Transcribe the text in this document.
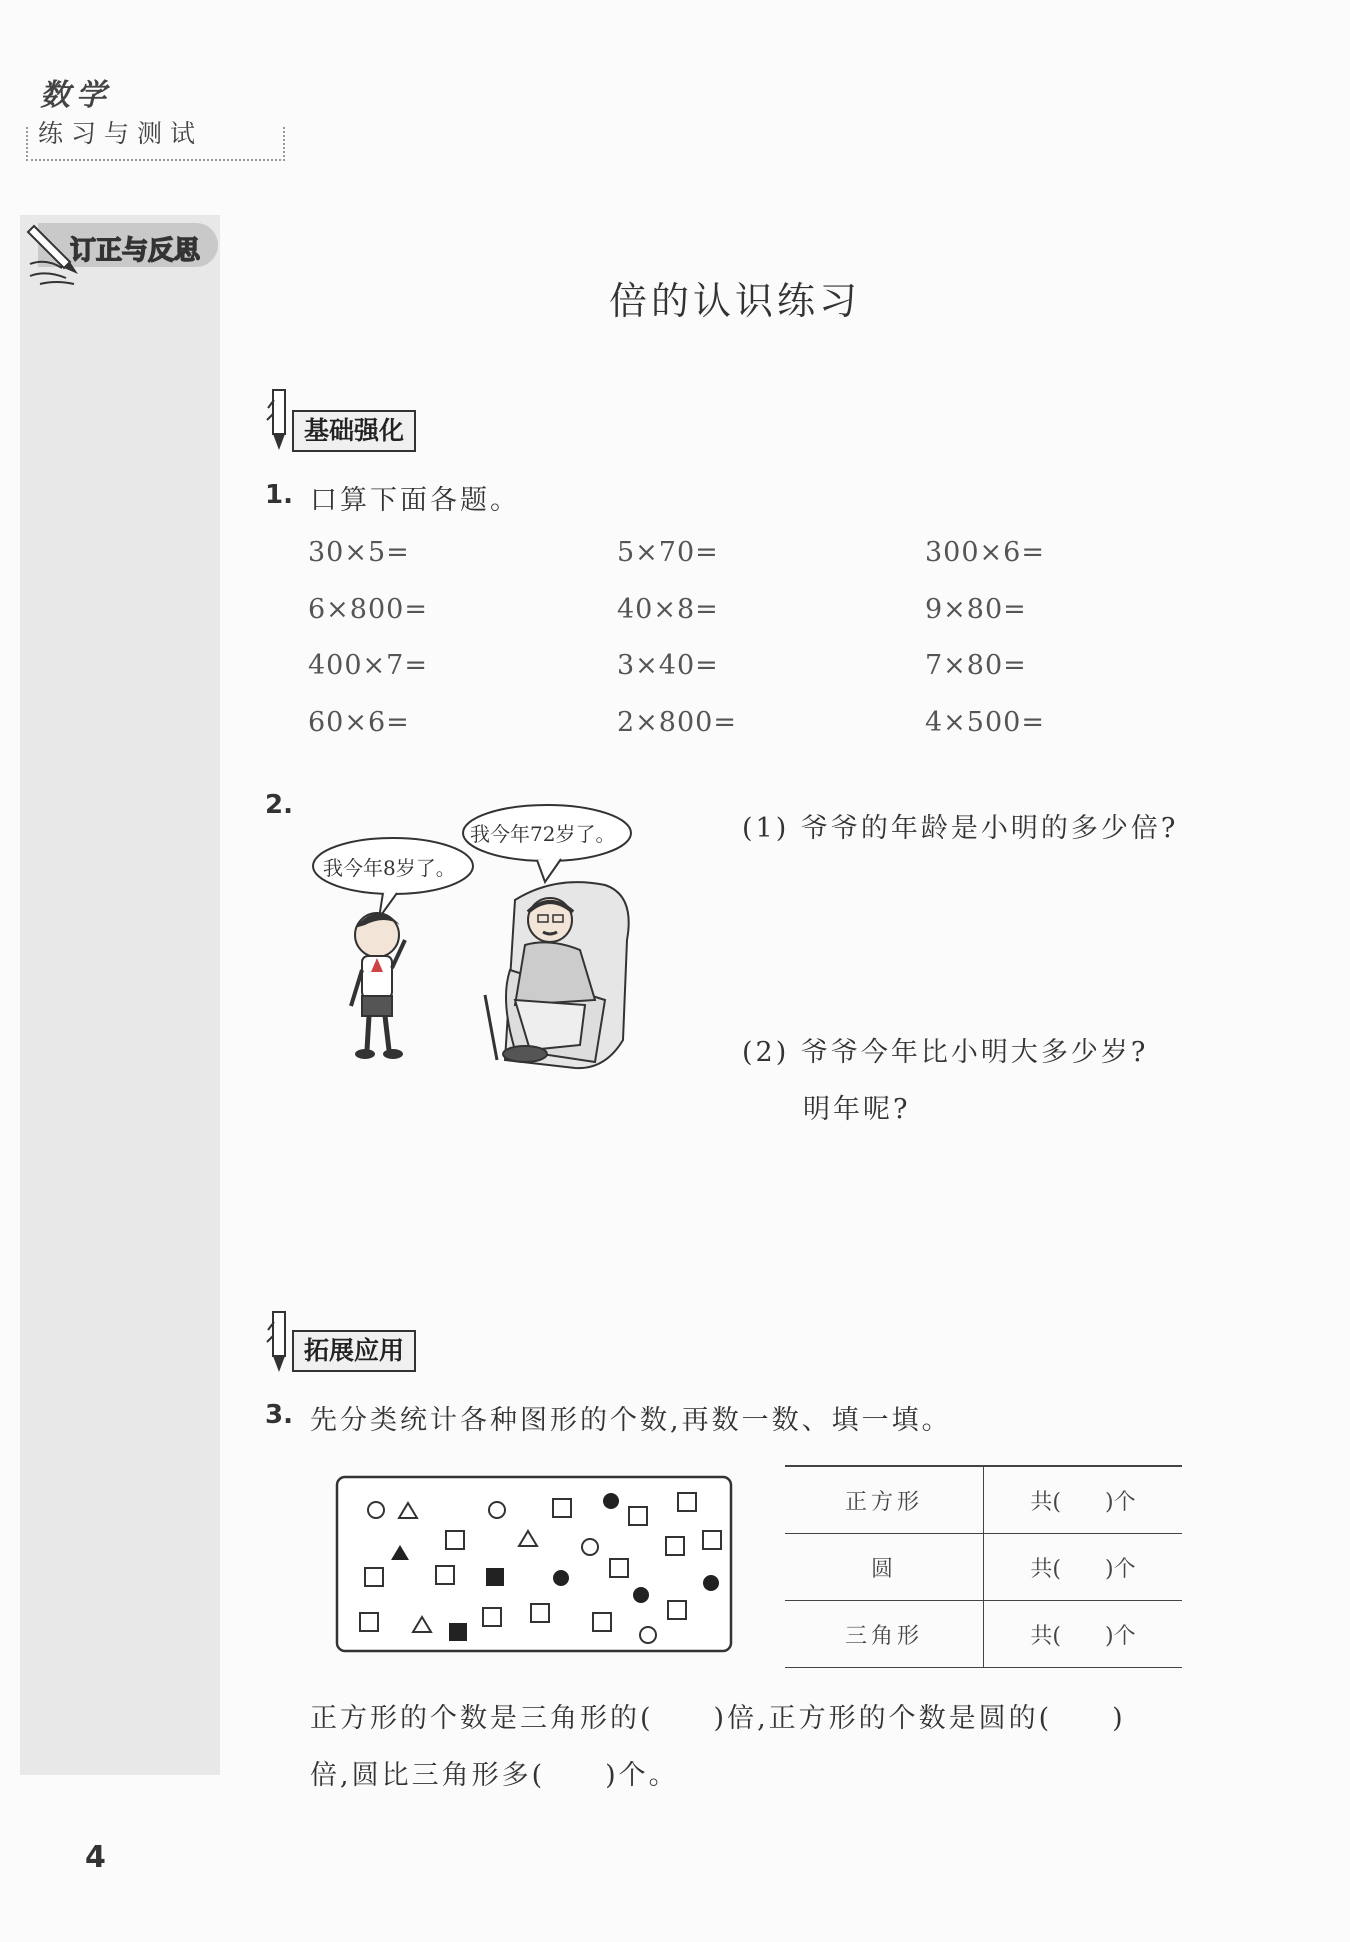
数学
练习与测试
订正与反思
倍的认识练习
基础强化
1. 口算下面各题。
30×5=	5×70=	300×6=
6×800=	40×8=	9×80=
400×7=	3×40=	7×80=
60×6=	2×800=	4×500=
2.
我今年8岁了。
我今年72岁了。	(1) 爷爷的年龄是小明的多少倍?
(2) 爷爷今年比小明大多少岁?
明年呢?
拓展应用
3. 先分类统计各种图形的个数,再数一数、填一填。
正方形	共(　　)个
圆	共(　　)个
三角形	共(　　)个
正方形的个数是三角形的(　　)倍,正方形的个数是圆的(　　)
倍,圆比三角形多(　　)个。
4
